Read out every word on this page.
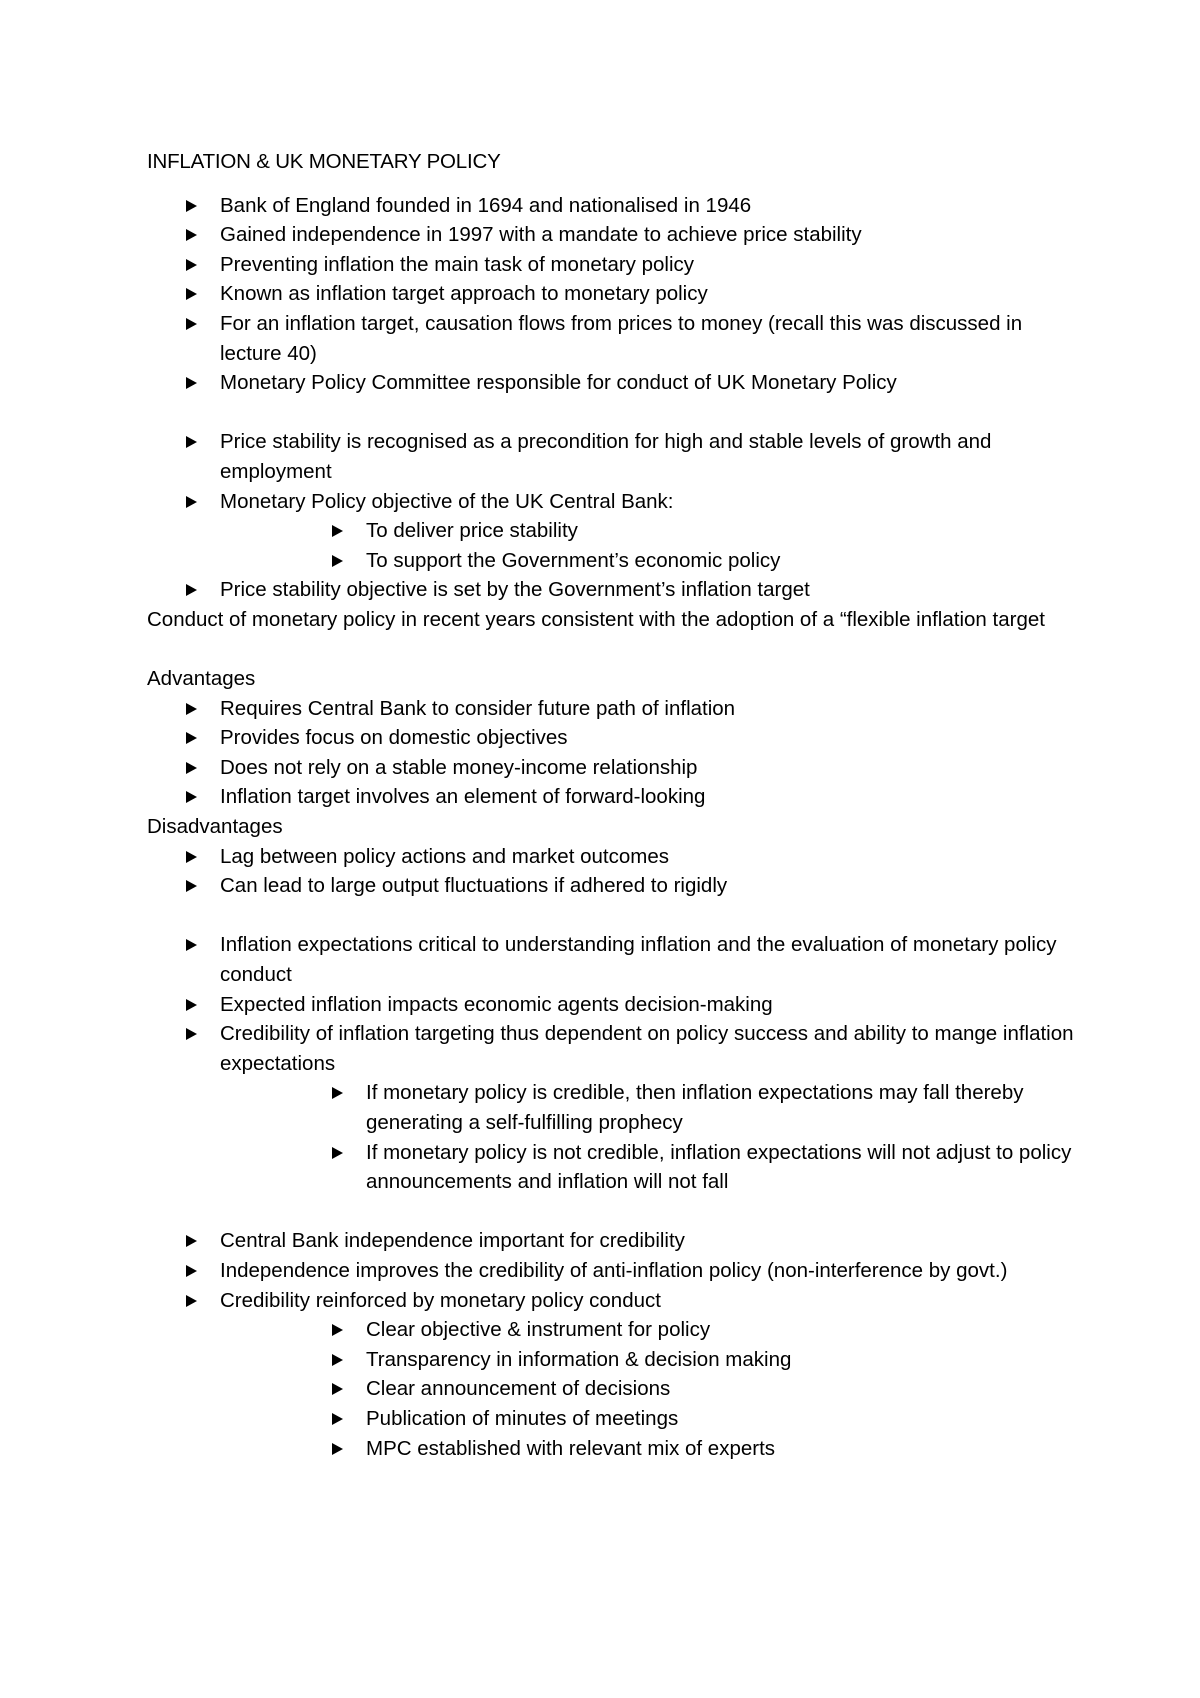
INFLATION & UK MONETARY POLICY
Bank of England founded in 1694 and nationalised in 1946
Gained independence in 1997 with a mandate to achieve price stability
Preventing inflation the main task of monetary policy
Known as inflation target approach to monetary policy
For an inflation target, causation flows from prices to money (recall this was discussed in lecture 40)
Monetary Policy Committee responsible for conduct of UK Monetary Policy
Price stability is recognised as a precondition for high and stable levels of growth and employment
Monetary Policy objective of the UK Central Bank:
To deliver price stability
To support the Government’s economic policy
Price stability objective is set by the Government’s inflation target

Conduct of monetary policy in recent years consistent with the adoption of a “flexible inflation target

Advantages

Requires Central Bank to consider future path of inflation
Provides focus on domestic objectives
Does not rely on a stable money-income relationship
Inflation target involves an element of forward-looking

Disadvantages

Lag between policy actions and market outcomes
Can lead to large output fluctuations if adhered to rigidly
Inflation expectations critical to understanding inflation and the evaluation of monetary policy conduct
Expected inflation impacts economic agents decision-making
Credibility of inflation targeting thus dependent on policy success and ability to mange inflation expectations
If monetary policy is credible, then inflation expectations may fall thereby generating a self-fulfilling prophecy
If monetary policy is not credible, inflation expectations will not adjust to policy announcements and inflation will not fall
Central Bank independence important for credibility
Independence improves the credibility of anti-inflation policy (non-interference by govt.)
Credibility reinforced by monetary policy conduct
Clear objective & instrument for policy
Transparency in information & decision making
Clear announcement of decisions
Publication of minutes of meetings
MPC established with relevant mix of experts
